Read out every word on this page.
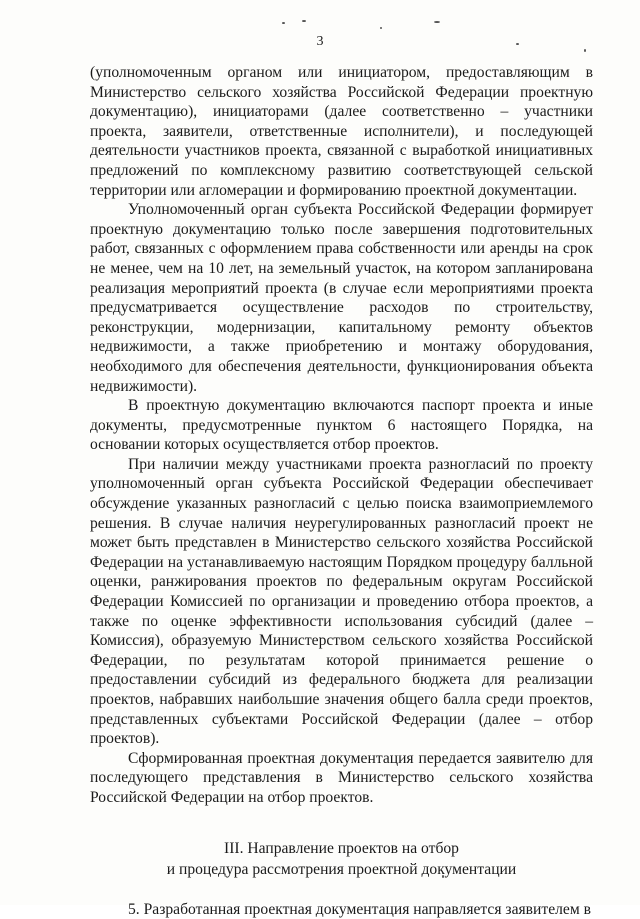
3

(уполномоченным органом или инициатором, предоставляющим в Министерство сельского хозяйства Российской Федерации проектную документацию), инициаторами (далее соответственно – участники проекта, заявители, ответственные исполнители), и последующей деятельности участников проекта, связанной с выработкой инициативных предложений по комплексному развитию соответствующей сельской территории или агломерации и формированию проектной документации.

Уполномоченный орган субъекта Российской Федерации формирует проектную документацию только после завершения подготовительных работ, связанных с оформлением права собственности или аренды на срок не менее, чем на 10 лет, на земельный участок, на котором запланирована реализация мероприятий проекта (в случае если мероприятиями проекта предусматривается осуществление расходов по строительству, реконструкции, модернизации, капитальному ремонту объектов недвижимости, а также приобретению и монтажу оборудования, необходимого для обеспечения деятельности, функционирования объекта недвижимости).

В проектную документацию включаются паспорт проекта и иные документы, предусмотренные пунктом 6 настоящего Порядка, на основании которых осуществляется отбор проектов.

При наличии между участниками проекта разногласий по проекту уполномоченный орган субъекта Российской Федерации обеспечивает обсуждение указанных разногласий с целью поиска взаимоприемлемого решения. В случае наличия неурегулированных разногласий проект не может быть представлен в Министерство сельского хозяйства Российской Федерации на устанавливаемую настоящим Порядком процедуру балльной оценки, ранжирования проектов по федеральным округам Российской Федерации Комиссией по организации и проведению отбора проектов, а также по оценке эффективности использования субсидий (далее – Комиссия), образуемую Министерством сельского хозяйства Российской Федерации, по результатам которой принимается решение о предоставлении субсидий из федерального бюджета для реализации проектов, набравших наибольшие значения общего балла среди проектов, представленных субъектами Российской Федерации (далее – отбор проектов).

Сформированная проектная документация передается заявителю для последующего представления в Министерство сельского хозяйства Российской Федерации на отбор проектов.

III. Направление проектов на отбор
и процедура рассмотрения проектной документации

5. Разработанная проектная документация направляется заявителем в
